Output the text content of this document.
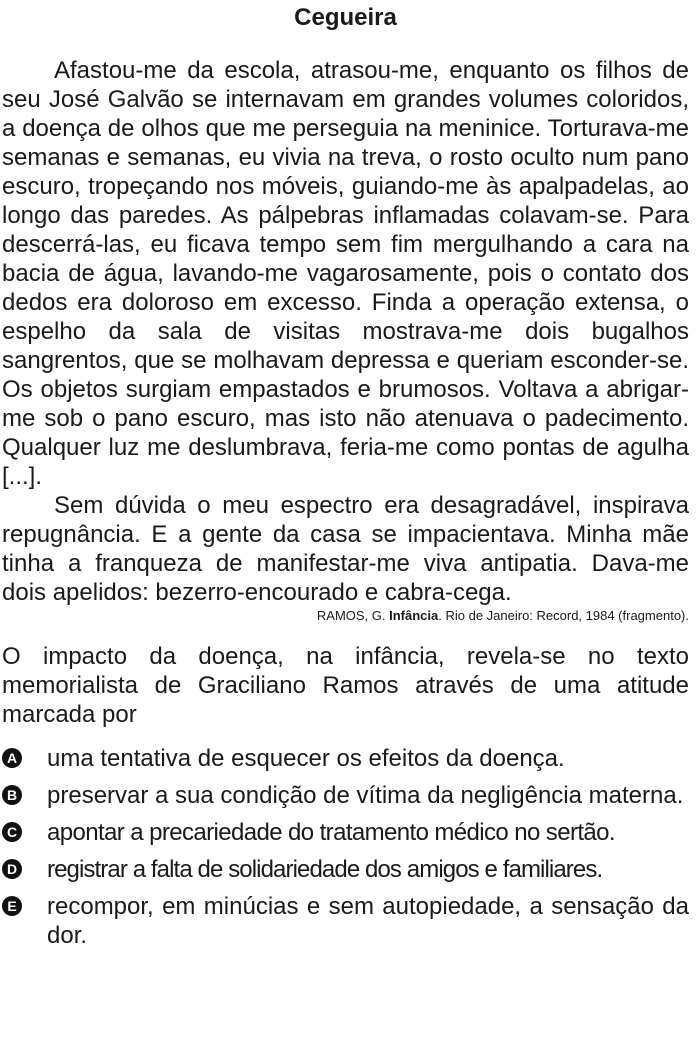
Cegueira

Afastou-me da escola, atrasou-me, enquanto os filhos de seu José Galvão se internavam em grandes volumes coloridos, a doença de olhos que me perseguia na meninice. Torturava-me semanas e semanas, eu vivia na treva, o rosto oculto num pano escuro, tropeçando nos móveis, guiando-me às apalpadelas, ao longo das paredes. As pálpebras inflamadas colavam-se. Para descerrá-las, eu ficava tempo sem fim mergulhando a cara na bacia de água, lavando-me vagarosamente, pois o contato dos dedos era doloroso em excesso. Finda a operação extensa, o espelho da sala de visitas mostrava-me dois bugalhos sangrentos, que se molhavam depressa e queriam esconder-se. Os objetos surgiam empastados e brumosos. Voltava a abrigar-me sob o pano escuro, mas isto não atenuava o padecimento. Qualquer luz me deslumbrava, feria-me como pontas de agulha [...].

Sem dúvida o meu espectro era desagradável, inspirava repugnância. E a gente da casa se impacientava. Minha mãe tinha a franqueza de manifestar-me viva antipatia. Dava-me dois apelidos: bezerro-encourado e cabra-cega.

RAMOS, G. Infância. Rio de Janeiro: Record, 1984 (fragmento).

O impacto da doença, na infância, revela-se no texto memorialista de Graciliano Ramos através de uma atitude marcada por

A uma tentativa de esquecer os efeitos da doença.
B preservar a sua condição de vítima da negligência materna.
C apontar a precariedade do tratamento médico no sertão.
D registrar a falta de solidariedade dos amigos e familiares.
E recompor, em minúcias e sem autopiedade, a sensação da dor.
